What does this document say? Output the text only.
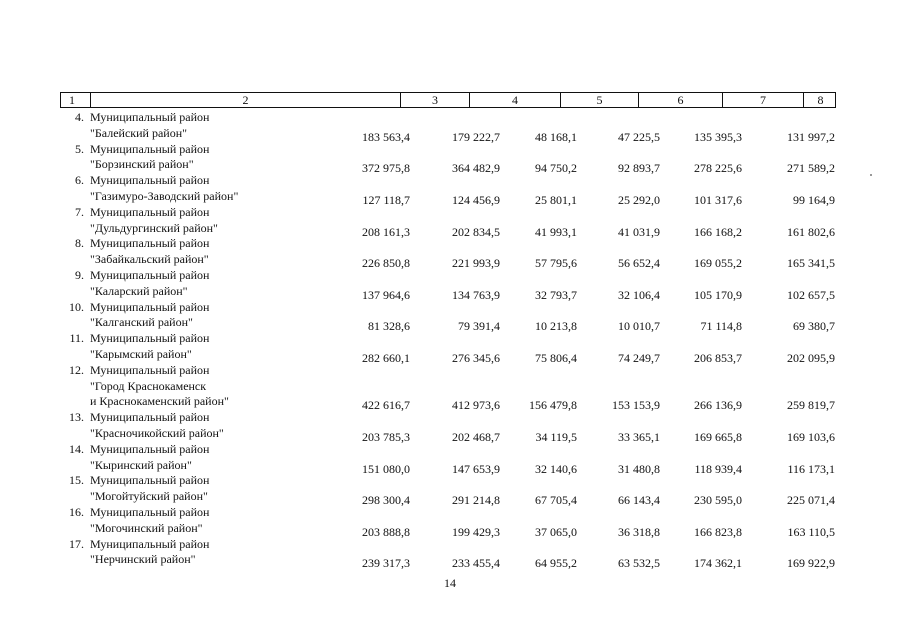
1	2	3	4	5	6	7	8
4. Муниципальный район
"Балейский район"	183 563,4	179 222,7	48 168,1	47 225,5	135 395,3	131 997,2
5. Муниципальный район
"Борзинский район"	372 975,8	364 482,9	94 750,2	92 893,7	278 225,6	271 589,2
6. Муниципальный район
"Газимуро-Заводский район"	127 118,7	124 456,9	25 801,1	25 292,0	101 317,6	99 164,9
7. Муниципальный район
"Дульдургинский район"	208 161,3	202 834,5	41 993,1	41 031,9	166 168,2	161 802,6
8. Муниципальный район
"Забайкальский район"	226 850,8	221 993,9	57 795,6	56 652,4	169 055,2	165 341,5
9. Муниципальный район
"Каларский район"	137 964,6	134 763,9	32 793,7	32 106,4	105 170,9	102 657,5
10. Муниципальный район
"Калганский район"	81 328,6	79 391,4	10 213,8	10 010,7	71 114,8	69 380,7
11. Муниципальный район
"Карымский район"	282 660,1	276 345,6	75 806,4	74 249,7	206 853,7	202 095,9
12. Муниципальный район
"Город Краснокаменск
и Краснокаменский район"	422 616,7	412 973,6	156 479,8	153 153,9	266 136,9	259 819,7
13. Муниципальный район
"Красночикойский район"	203 785,3	202 468,7	34 119,5	33 365,1	169 665,8	169 103,6
14. Муниципальный район
"Кыринский район"	151 080,0	147 653,9	32 140,6	31 480,8	118 939,4	116 173,1
15. Муниципальный район
"Могойтуйский район"	298 300,4	291 214,8	67 705,4	66 143,4	230 595,0	225 071,4
16. Муниципальный район
"Могочинский район"	203 888,8	199 429,3	37 065,0	36 318,8	166 823,8	163 110,5
17. Муниципальный район
"Нерчинский район"	239 317,3	233 455,4	64 955,2	63 532,5	174 362,1	169 922,9
14
